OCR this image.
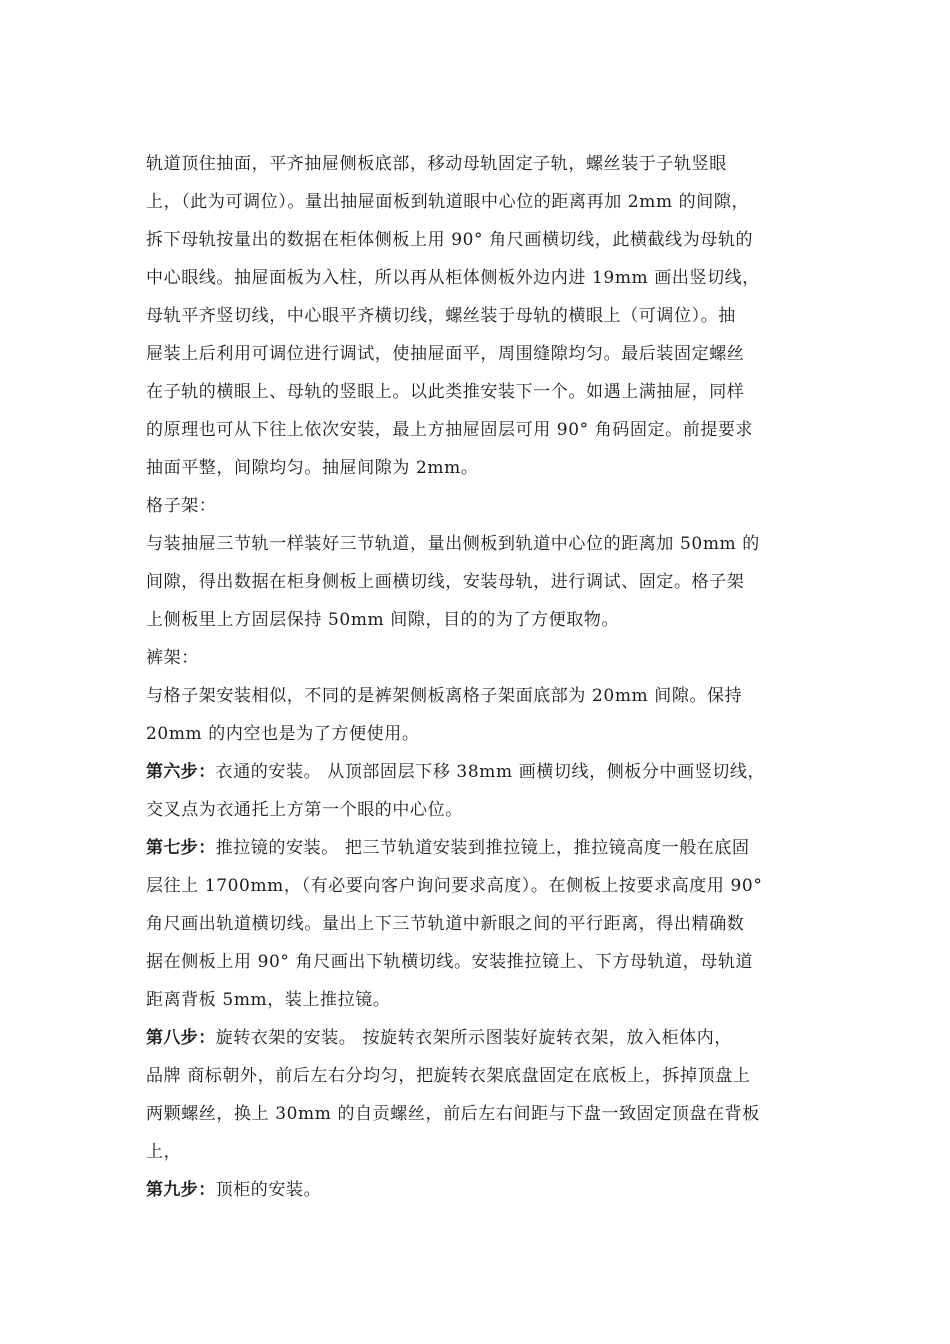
轨道顶住抽面，平齐抽屉侧板底部，移动母轨固定子轨，螺丝装于子轨竖眼

上，（此为可调位）。量出抽屉面板到轨道眼中心位的距离再加 2mm 的间隙，

拆下母轨按量出的数据在柜体侧板上用 90° 角尺画横切线，此横截线为母轨的

中心眼线。抽屉面板为入柱，所以再从柜体侧板外边内进 19mm 画出竖切线，

母轨平齐竖切线，中心眼平齐横切线，螺丝装于母轨的横眼上（可调位）。抽

屉装上后利用可调位进行调试，使抽屉面平，周围缝隙均匀。最后装固定螺丝

在子轨的横眼上、母轨的竖眼上。以此类推安装下一个。如遇上满抽屉，同样

的原理也可从下往上依次安装，最上方抽屉固层可用 90° 角码固定。前提要求

抽面平整，间隙均匀。抽屉间隙为 2mm。

格子架：

与装抽屉三节轨一样装好三节轨道，量出侧板到轨道中心位的距离加 50mm 的

间隙，得出数据在柜身侧板上画横切线，安装母轨，进行调试、固定。格子架

上侧板里上方固层保持 50mm 间隙，目的的为了方便取物。

裤架：

与格子架安装相似，不同的是裤架侧板离格子架面底部为 20mm 间隙。保持

20mm 的内空也是为了方便使用。

第六步：衣通的安装。 从顶部固层下移 38mm 画横切线，侧板分中画竖切线，

交叉点为衣通托上方第一个眼的中心位。

第七步：推拉镜的安装。 把三节轨道安装到推拉镜上，推拉镜高度一般在底固

层往上 1700mm，（有必要向客户询问要求高度）。在侧板上按要求高度用 90°

角尺画出轨道横切线。量出上下三节轨道中新眼之间的平行距离，得出精确数

据在侧板上用 90° 角尺画出下轨横切线。安装推拉镜上、下方母轨道，母轨道

距离背板 5mm，装上推拉镜。

第八步：旋转衣架的安装。 按旋转衣架所示图装好旋转衣架，放入柜体内，

品牌 商标朝外，前后左右分均匀，把旋转衣架底盘固定在底板上，拆掉顶盘上

两颗螺丝，换上 30mm 的自贡螺丝，前后左右间距与下盘一致固定顶盘在背板

上，

第九步：顶柜的安装。
